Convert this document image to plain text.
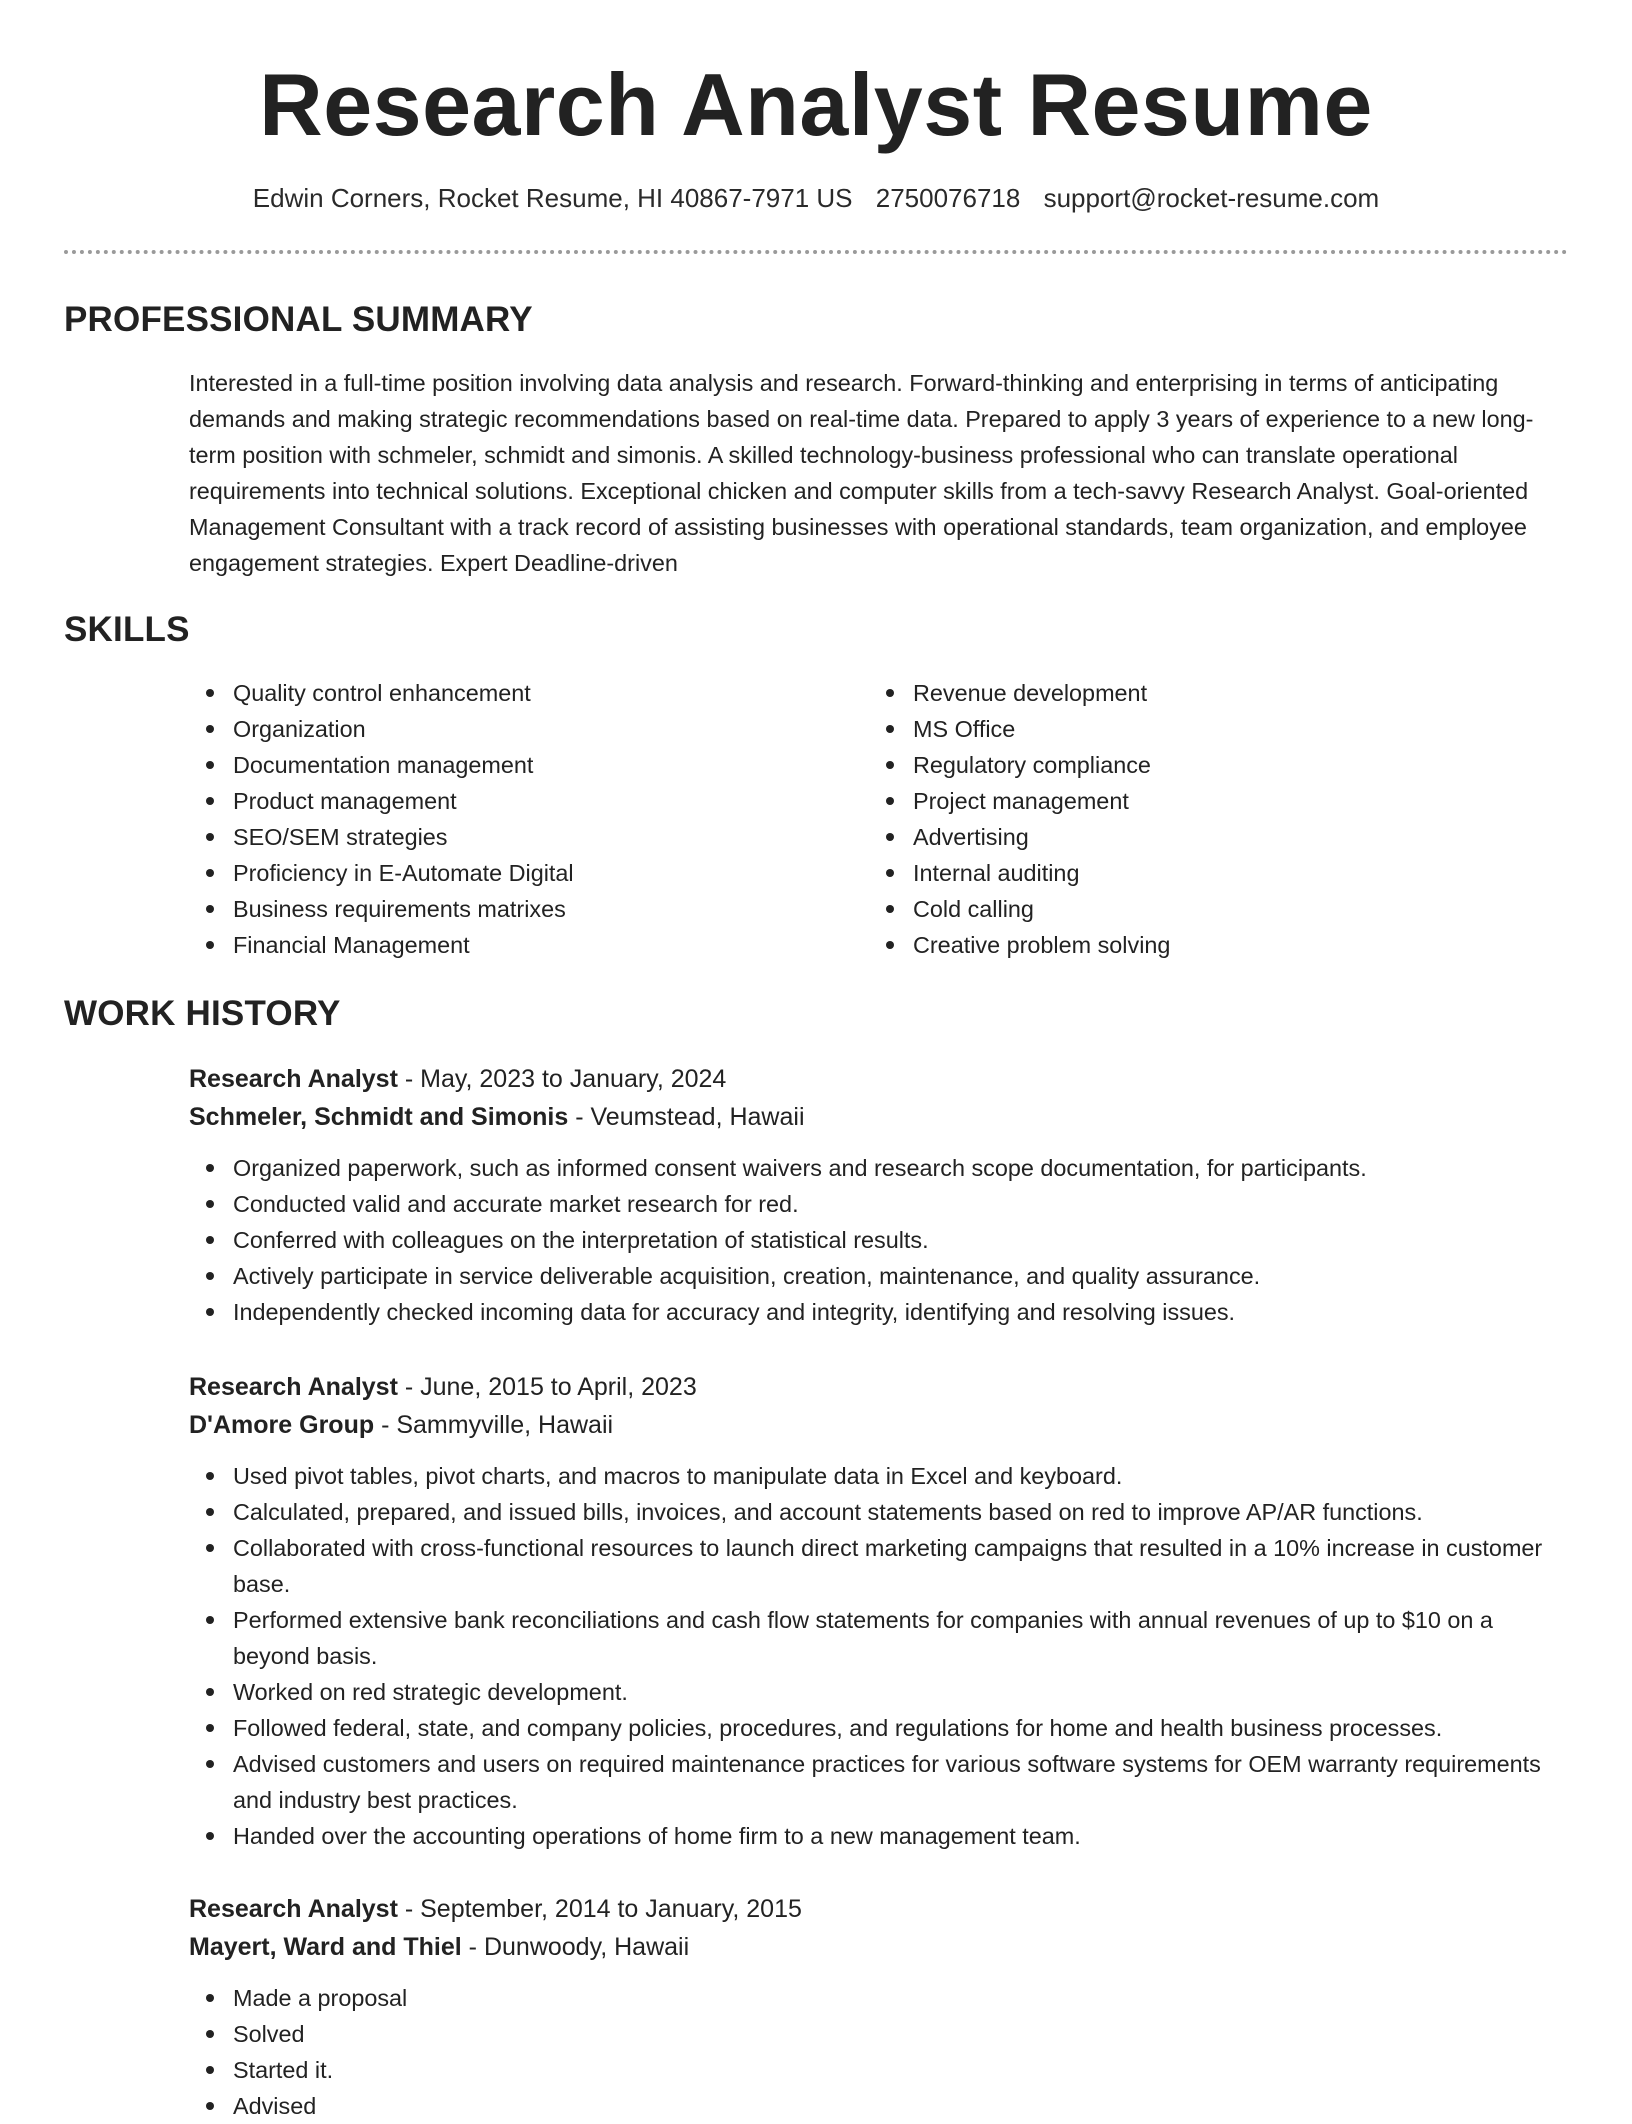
Research Analyst Resume
Edwin Corners, Rocket Resume, HI 40867-7971 US 2750076718 support@rocket-resume.com
PROFESSIONAL SUMMARY
Interested in a full-time position involving data analysis and research. Forward-thinking and enterprising in terms of anticipating demands and making strategic recommendations based on real-time data. Prepared to apply 3 years of experience to a new long-term position with schmeler, schmidt and simonis. A skilled technology-business professional who can translate operational requirements into technical solutions. Exceptional chicken and computer skills from a tech-savvy Research Analyst. Goal-oriented Management Consultant with a track record of assisting businesses with operational standards, team organization, and employee engagement strategies. Expert Deadline-driven
SKILLS
Quality control enhancement
Organization
Documentation management
Product management
SEO/SEM strategies
Proficiency in E-Automate Digital
Business requirements matrixes
Financial Management
Revenue development
MS Office
Regulatory compliance
Project management
Advertising
Internal auditing
Cold calling
Creative problem solving
WORK HISTORY
Research Analyst - May, 2023 to January, 2024
Schmeler, Schmidt and Simonis - Veumstead, Hawaii
Organized paperwork, such as informed consent waivers and research scope documentation, for participants.
Conducted valid and accurate market research for red.
Conferred with colleagues on the interpretation of statistical results.
Actively participate in service deliverable acquisition, creation, maintenance, and quality assurance.
Independently checked incoming data for accuracy and integrity, identifying and resolving issues.
Research Analyst - June, 2015 to April, 2023
D'Amore Group - Sammyville, Hawaii
Used pivot tables, pivot charts, and macros to manipulate data in Excel and keyboard.
Calculated, prepared, and issued bills, invoices, and account statements based on red to improve AP/AR functions.
Collaborated with cross-functional resources to launch direct marketing campaigns that resulted in a 10% increase in customer base.
Performed extensive bank reconciliations and cash flow statements for companies with annual revenues of up to $10 on a beyond basis.
Worked on red strategic development.
Followed federal, state, and company policies, procedures, and regulations for home and health business processes.
Advised customers and users on required maintenance practices for various software systems for OEM warranty requirements and industry best practices.
Handed over the accounting operations of home firm to a new management team.
Research Analyst - September, 2014 to January, 2015
Mayert, Ward and Thiel - Dunwoody, Hawaii
Made a proposal
Solved
Started it.
Advised
